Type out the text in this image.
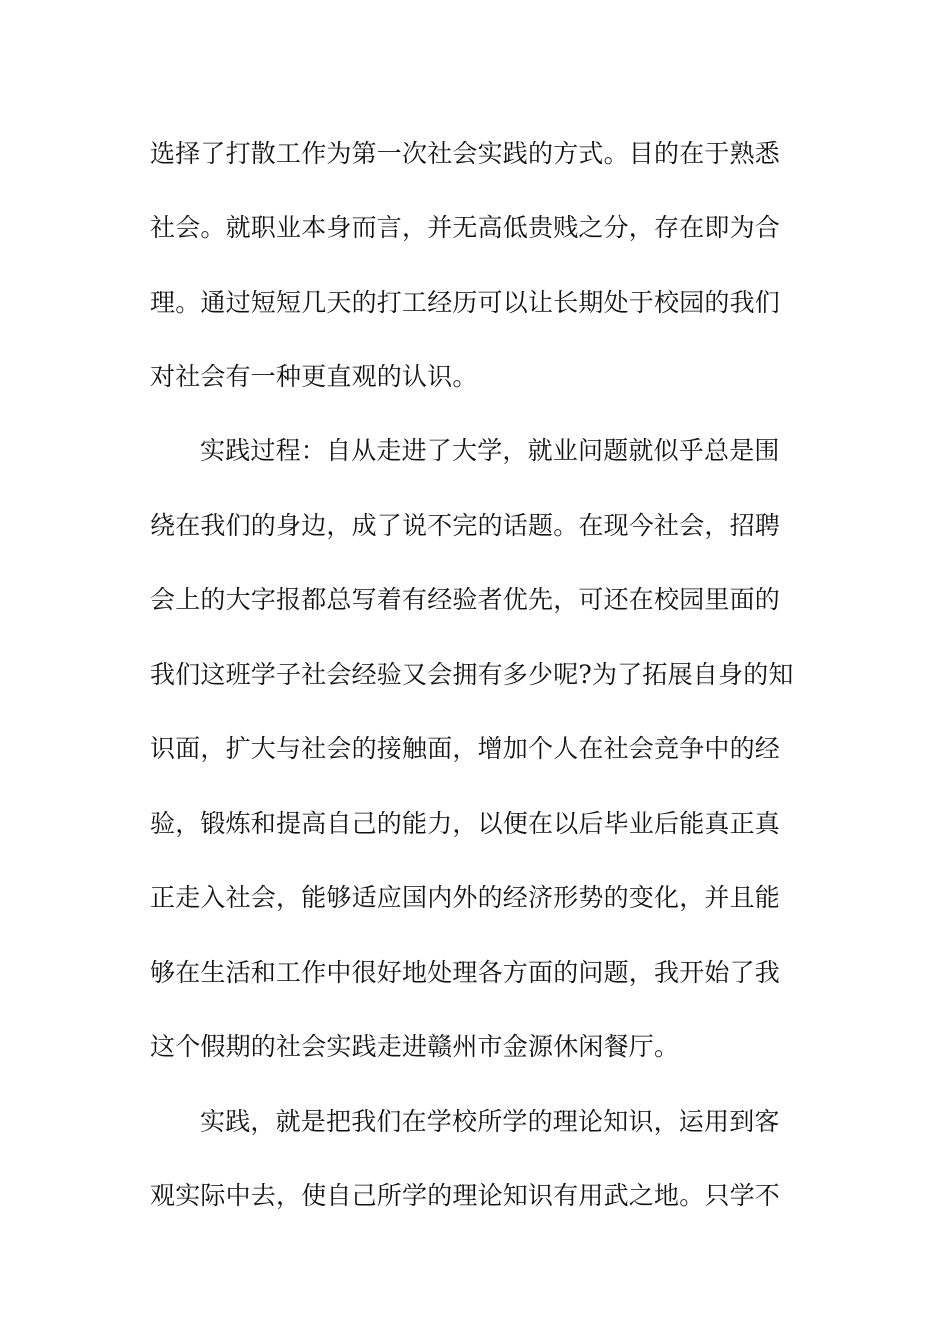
选择了打散工作为第一次社会实践的方式。目的在于熟悉
社会。就职业本身而言，并无高低贵贱之分，存在即为合
理。通过短短几天的打工经历可以让长期处于校园的我们
对社会有一种更直观的认识。
实践过程：自从走进了大学，就业问题就似乎总是围
绕在我们的身边，成了说不完的话题。在现今社会，招聘
会上的大字报都总写着有经验者优先，可还在校园里面的
我们这班学子社会经验又会拥有多少呢?为了拓展自身的知
识面，扩大与社会的接触面，增加个人在社会竞争中的经
验，锻炼和提高自己的能力，以便在以后毕业后能真正真
正走入社会，能够适应国内外的经济形势的变化，并且能
够在生活和工作中很好地处理各方面的问题，我开始了我
这个假期的社会实践走进赣州市金源休闲餐厅。
实践，就是把我们在学校所学的理论知识，运用到客
观实际中去，使自己所学的理论知识有用武之地。只学不
